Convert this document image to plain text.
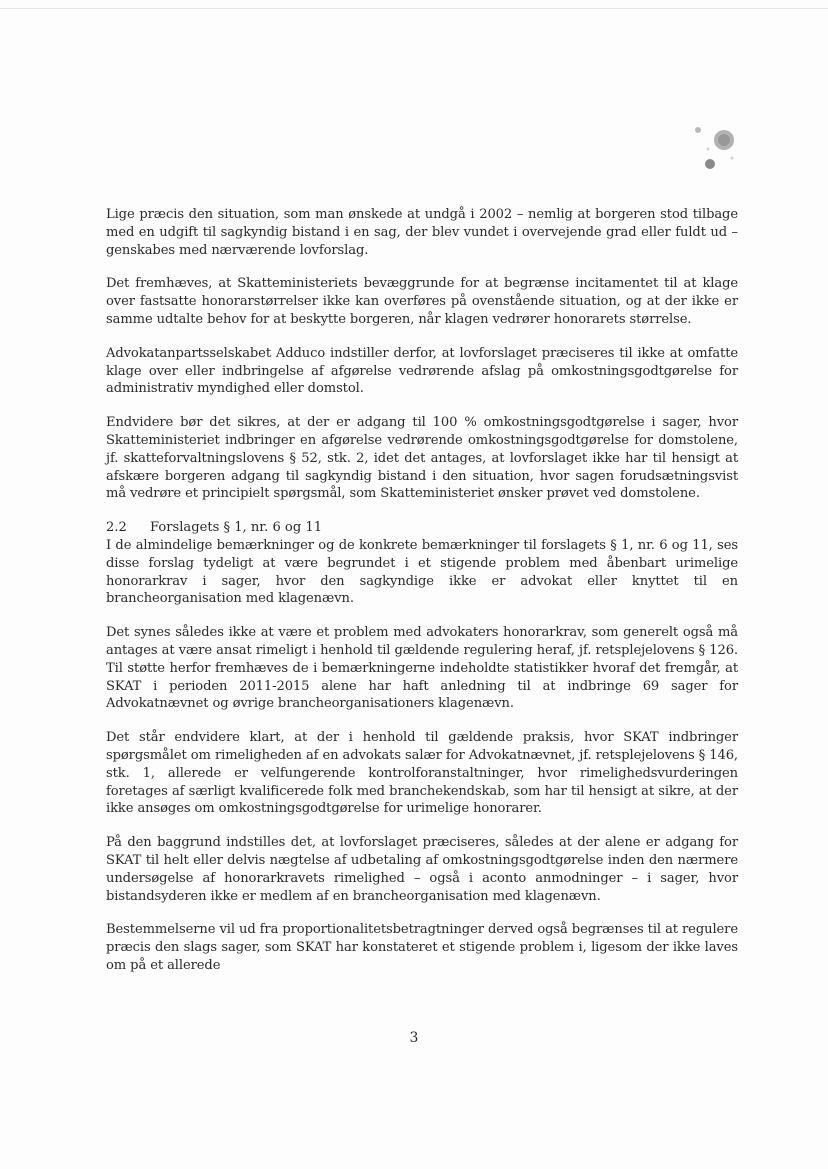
Lige præcis den situation, som man ønskede at undgå i 2002 – nemlig at borgeren stod tilbage med en udgift til sagkyndig bistand i en sag, der blev vundet i overvejende grad eller fuldt ud – genskabes med nærværende lovforslag.

Det fremhæves, at Skatteministeriets bevæggrunde for at begrænse incitamentet til at klage over fastsatte honorarstørrelser ikke kan overføres på ovenstående situation, og at der ikke er samme udtalte behov for at beskytte borgeren, når klagen vedrører honorarets størrelse.

Advokatanpartsselskabet Adduco indstiller derfor, at lovforslaget præciseres til ikke at omfatte klage over eller indbringelse af afgørelse vedrørende afslag på omkostningsgodtgørelse for administrativ myndighed eller domstol.

Endvidere bør det sikres, at der er adgang til 100 % omkostningsgodtgørelse i sager, hvor Skatteministeriet indbringer en afgørelse vedrørende omkostningsgodtgørelse for domstolene, jf. skatteforvaltningslovens § 52, stk. 2, idet det antages, at lovforslaget ikke har til hensigt at afskære borgeren adgang til sagkyndig bistand i den situation, hvor sagen forudsætningsvist må vedrøre et principielt spørgsmål, som Skatteministeriet ønsker prøvet ved domstolene.

2.2 Forslagets § 1, nr. 6 og 11

I de almindelige bemærkninger og de konkrete bemærkninger til forslagets § 1, nr. 6 og 11, ses disse forslag tydeligt at være begrundet i et stigende problem med åbenbart urimelige honorarkrav i sager, hvor den sagkyndige ikke er advokat eller knyttet til en brancheorganisation med klagenævn.

Det synes således ikke at være et problem med advokaters honorarkrav, som generelt også må antages at være ansat rimeligt i henhold til gældende regulering heraf, jf. retsplejelovens § 126. Til støtte herfor fremhæves de i bemærkningerne indeholdte statistikker hvoraf det fremgår, at SKAT i perioden 2011-2015 alene har haft anledning til at indbringe 69 sager for Advokatnævnet og øvrige brancheorganisationers klagenævn.

Det står endvidere klart, at der i henhold til gældende praksis, hvor SKAT indbringer spørgsmålet om rimeligheden af en advokats salær for Advokatnævnet, jf. retsplejelovens § 146, stk. 1, allerede er velfungerende kontrolforanstaltninger, hvor rimelighedsvurderingen foretages af særligt kvalificerede folk med branchekendskab, som har til hensigt at sikre, at der ikke ansøges om omkostningsgodtgørelse for urimelige honorarer.

På den baggrund indstilles det, at lovforslaget præciseres, således at der alene er adgang for SKAT til helt eller delvis nægtelse af udbetaling af omkostningsgodtgørelse inden den nærmere undersøgelse af honorarkravets rimelighed – også i aconto anmodninger – i sager, hvor bistandsyderen ikke er medlem af en brancheorganisation med klagenævn.

Bestemmelserne vil ud fra proportionalitetsbetragtninger derved også begrænses til at regulere præcis den slags sager, som SKAT har konstateret et stigende problem i, ligesom der ikke laves om på et allerede

3
